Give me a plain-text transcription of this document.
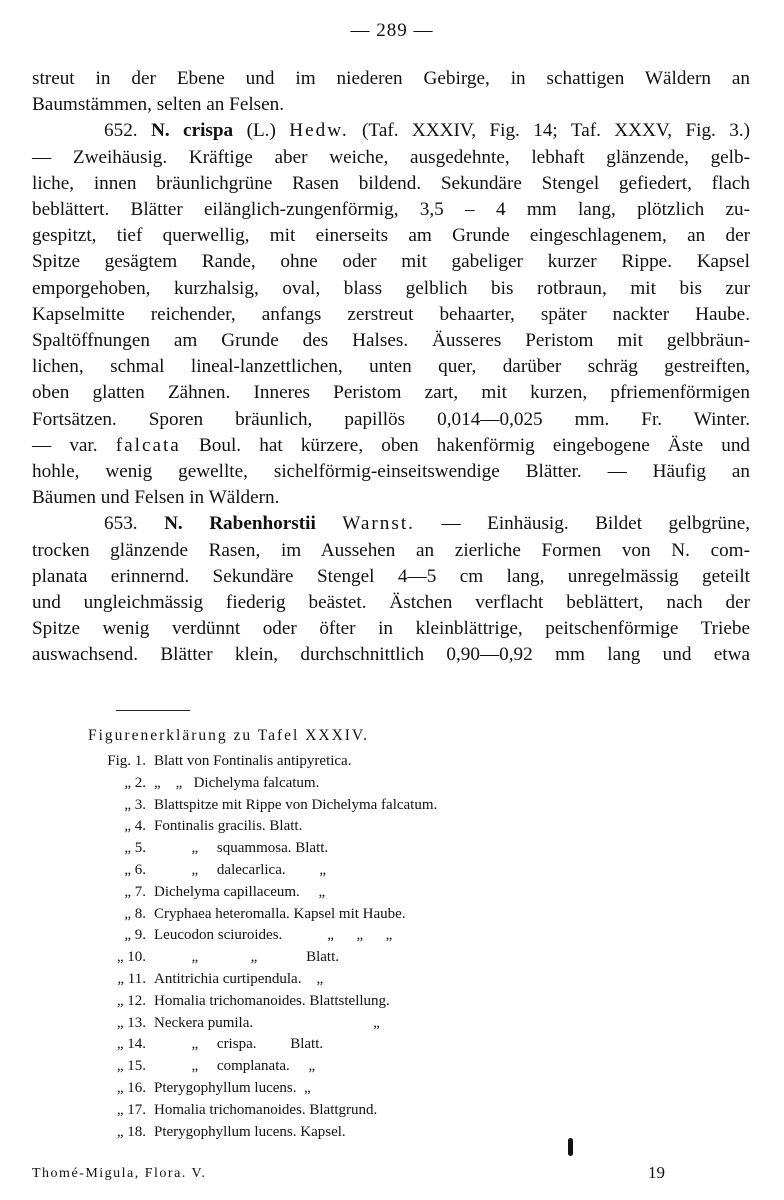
— 289 —

streut in der Ebene und im niederen Gebirge, in schattigen Wäldern an
Baumstämmen, selten an Felsen.

652. N. crispa (L.) Hedw. (Taf. XXXIV, Fig. 14; Taf. XXXV, Fig. 3.)
— Zweihäusig. Kräftige aber weiche, ausgedehnte, lebhaft glänzende, gelb-
liche, innen bräunlichgrüne Rasen bildend. Sekundäre Stengel gefiedert, flach
beblättert. Blätter eilänglich-zungenförmig, 3,5 – 4 mm lang, plötzlich zu-
gespitzt, tief querwellig, mit einerseits am Grunde eingeschlagenem, an der
Spitze gesägtem Rande, ohne oder mit gabeliger kurzer Rippe. Kapsel
emporgehoben, kurzhalsig, oval, blass gelblich bis rotbraun, mit bis zur
Kapselmitte reichender, anfangs zerstreut behaarter, später nackter Haube.
Spaltöffnungen am Grunde des Halses. Äusseres Peristom mit gelbbräun-
lichen, schmal lineal-lanzettlichen, unten quer, darüber schräg gestreiften,
oben glatten Zähnen. Inneres Peristom zart, mit kurzen, pfriemenförmigen
Fortsätzen. Sporen bräunlich, papillös 0,014—0,025 mm. Fr. Winter.
— var. falcata Boul. hat kürzere, oben hakenförmig eingebogene Äste und
hohle, wenig gewellte, sichelförmig-einseitswendige Blätter. — Häufig an
Bäumen und Felsen in Wäldern.

653. N. Rabenhorstii Warnst. — Einhäusig. Bildet gelbgrüne,
trocken glänzende Rasen, im Aussehen an zierliche Formen von N. com-
planata erinnernd. Sekundäre Stengel 4—5 cm lang, unregelmässig geteilt
und ungleichmässig fiederig beästet. Ästchen verflacht beblättert, nach der
Spitze wenig verdünnt oder öfter in kleinblättrige, peitschenförmige Triebe
auswachsend. Blätter klein, durchschnittlich 0,90—0,92 mm lang und etwa

Figurenerklärung zu Tafel XXXIV.
Fig. 1. Blatt von Fontinalis antipyretica.
„ 2. „    „   Dichelyma falcatum.
„ 3. Blattspitze mit Rippe von Dichelyma falcatum.
„ 4. Fontinalis gracilis. Blatt.
„ 5. „     squammosa. Blatt.
„ 6. „     dalecarlica.         „
„ 7. Dichelyma capillaceum.     „
„ 8. Cryphaea heteromalla. Kapsel mit Haube.
„ 9. Leucodon sciuroides.            „      „      „
„ 10. „              „             Blatt.
„ 11. Antitrichia curtipendula.    „
„ 12. Homalia trichomanoides. Blattstellung.
„ 13. Neckera pumila.                                „
„ 14. „     crispa.         Blatt.
„ 15. „     complanata.     „
„ 16. Pterygophyllum lucens.  „
„ 17. Homalia trichomanoides. Blattgrund.
„ 18. Pterygophyllum lucens. Kapsel.
Thomé-Migula, Flora. V.	19
